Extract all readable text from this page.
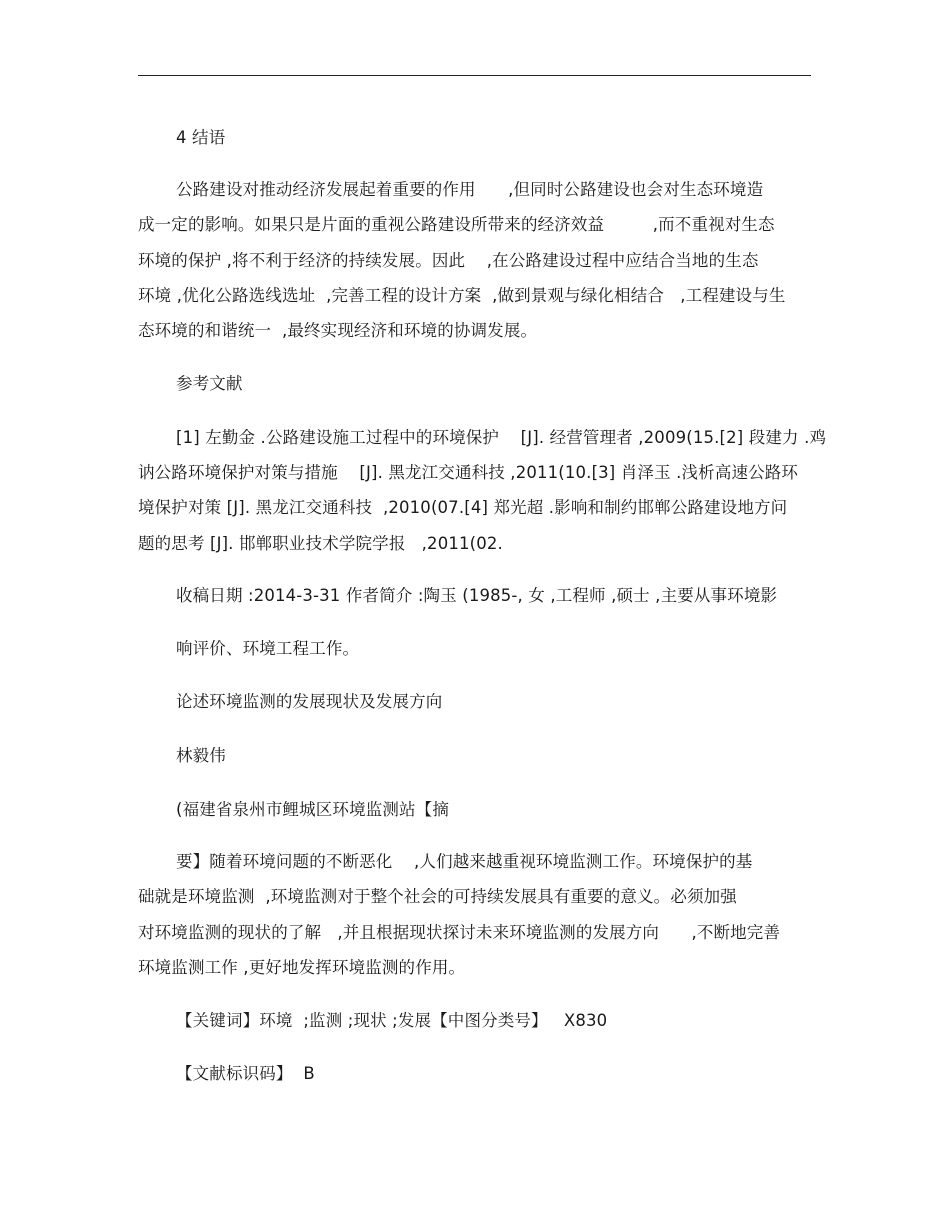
4 结语
公路建设对推动经济发展起着重要的作用      ,但同时公路建设也会对生态环境造
成一定的影响。如果只是片面的重视公路建设所带来的经济效益         ,而不重视对生态
环境的保护 ,将不利于经济的持续发展。因此    ,在公路建设过程中应结合当地的生态
环境 ,优化公路选线选址  ,完善工程的设计方案  ,做到景观与绿化相结合   ,工程建设与生
态环境的和谐统一  ,最终实现经济和环境的协调发展。
参考文献
[1] 左勤金 .公路建设施工过程中的环境保护    [J]. 经营管理者 ,2009(15.[2] 段建力 .鸡
讷公路环境保护对策与措施    [J]. 黑龙江交通科技 ,2011(10.[3] 肖泽玉 .浅析高速公路环
境保护对策 [J]. 黑龙江交通科技  ,2010(07.[4] 郑光超 .影响和制约邯郸公路建设地方问
题的思考 [J]. 邯郸职业技术学院学报   ,2011(02.
收稿日期 :2014-3-31 作者简介 :陶玉 (1985-, 女 ,工程师 ,硕士 ,主要从事环境影
响评价、环境工程工作。
论述环境监测的发展现状及发展方向
林毅伟
(福建省泉州市鲤城区环境监测站【摘
要】随着环境问题的不断恶化    ,人们越来越重视环境监测工作。环境保护的基
础就是环境监测  ,环境监测对于整个社会的可持续发展具有重要的意义。必须加强
对环境监测的现状的了解   ,并且根据现状探讨未来环境监测的发展方向      ,不断地完善
环境监测工作 ,更好地发挥环境监测的作用。
【关键词】环境  ;监测 ;现状 ;发展【中图分类号】   X830
【文献标识码】  B
